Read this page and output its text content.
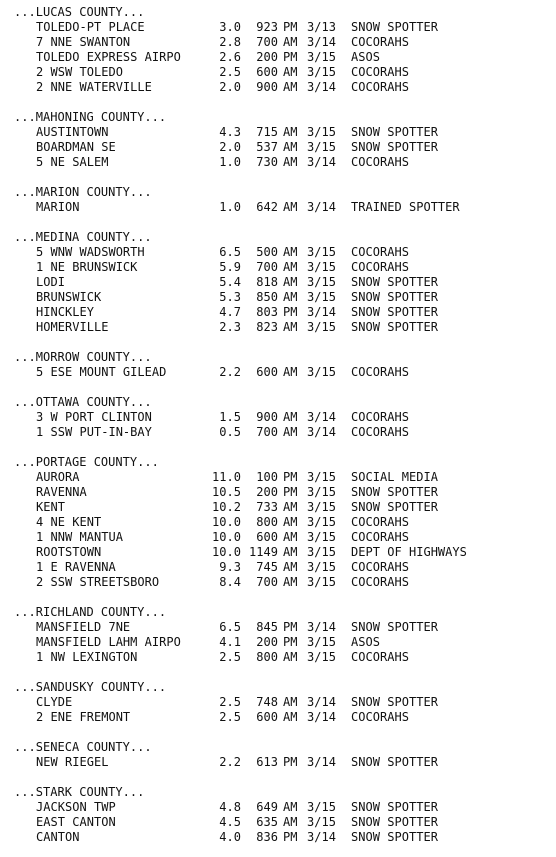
...LUCAS COUNTY...
TOLEDO-PT PLACE	3.0	923 PM 3/13 SNOW SPOTTER
7 NNE SWANTON	2.8	700 AM 3/14 COCORAHS
TOLEDO EXPRESS AIRPO	2.6	200 PM 3/15 ASOS
2 WSW TOLEDO	2.5	600 AM 3/15 COCORAHS
2 NNE WATERVILLE	2.0	900 AM 3/14 COCORAHS
...MAHONING COUNTY...
AUSTINTOWN	4.3	715 AM 3/15 SNOW SPOTTER
BOARDMAN SE	2.0	537 AM 3/15 SNOW SPOTTER
5 NE SALEM	1.0	730 AM 3/14 COCORAHS
...MARION COUNTY...
MARION	1.0	642 AM 3/14 TRAINED SPOTTER
...MEDINA COUNTY...
5 WNW WADSWORTH	6.5	500 AM 3/15 COCORAHS
1 NE BRUNSWICK	5.9	700 AM 3/15 COCORAHS
LODI	5.4	818 AM 3/15 SNOW SPOTTER
BRUNSWICK	5.3	850 AM 3/15 SNOW SPOTTER
HINCKLEY	4.7	803 PM 3/14 SNOW SPOTTER
HOMERVILLE	2.3	823 AM 3/15 SNOW SPOTTER
...MORROW COUNTY...
5 ESE MOUNT GILEAD	2.2	600 AM 3/15 COCORAHS
...OTTAWA COUNTY...
3 W PORT CLINTON	1.5	900 AM 3/14 COCORAHS
1 SSW PUT-IN-BAY	0.5	700 AM 3/14 COCORAHS
...PORTAGE COUNTY...
AURORA	11.0	100 PM 3/15 SOCIAL MEDIA
RAVENNA	10.5	200 PM 3/15 SNOW SPOTTER
KENT	10.2	733 AM 3/15 SNOW SPOTTER
4 NE KENT	10.0	800 AM 3/15 COCORAHS
1 NNW MANTUA	10.0	600 AM 3/15 COCORAHS
ROOTSTOWN	10.0 1149 AM 3/15 DEPT OF HIGHWAYS
1 E RAVENNA	9.3	745 AM 3/15 COCORAHS
2 SSW STREETSBORO	8.4	700 AM 3/15 COCORAHS
...RICHLAND COUNTY...
MANSFIELD 7NE	6.5	845 PM 3/14 SNOW SPOTTER
MANSFIELD LAHM AIRPO	4.1	200 PM 3/15 ASOS
1 NW LEXINGTON	2.5	800 AM 3/15 COCORAHS
...SANDUSKY COUNTY...
CLYDE	2.5	748 AM 3/14 SNOW SPOTTER
2 ENE FREMONT	2.5	600 AM 3/14 COCORAHS
...SENECA COUNTY...
NEW RIEGEL	2.2	613 PM 3/14 SNOW SPOTTER
...STARK COUNTY...
JACKSON TWP	4.8	649 AM 3/15 SNOW SPOTTER
EAST CANTON	4.5	635 AM 3/15 SNOW SPOTTER
CANTON	4.0	836 PM 3/14 SNOW SPOTTER
